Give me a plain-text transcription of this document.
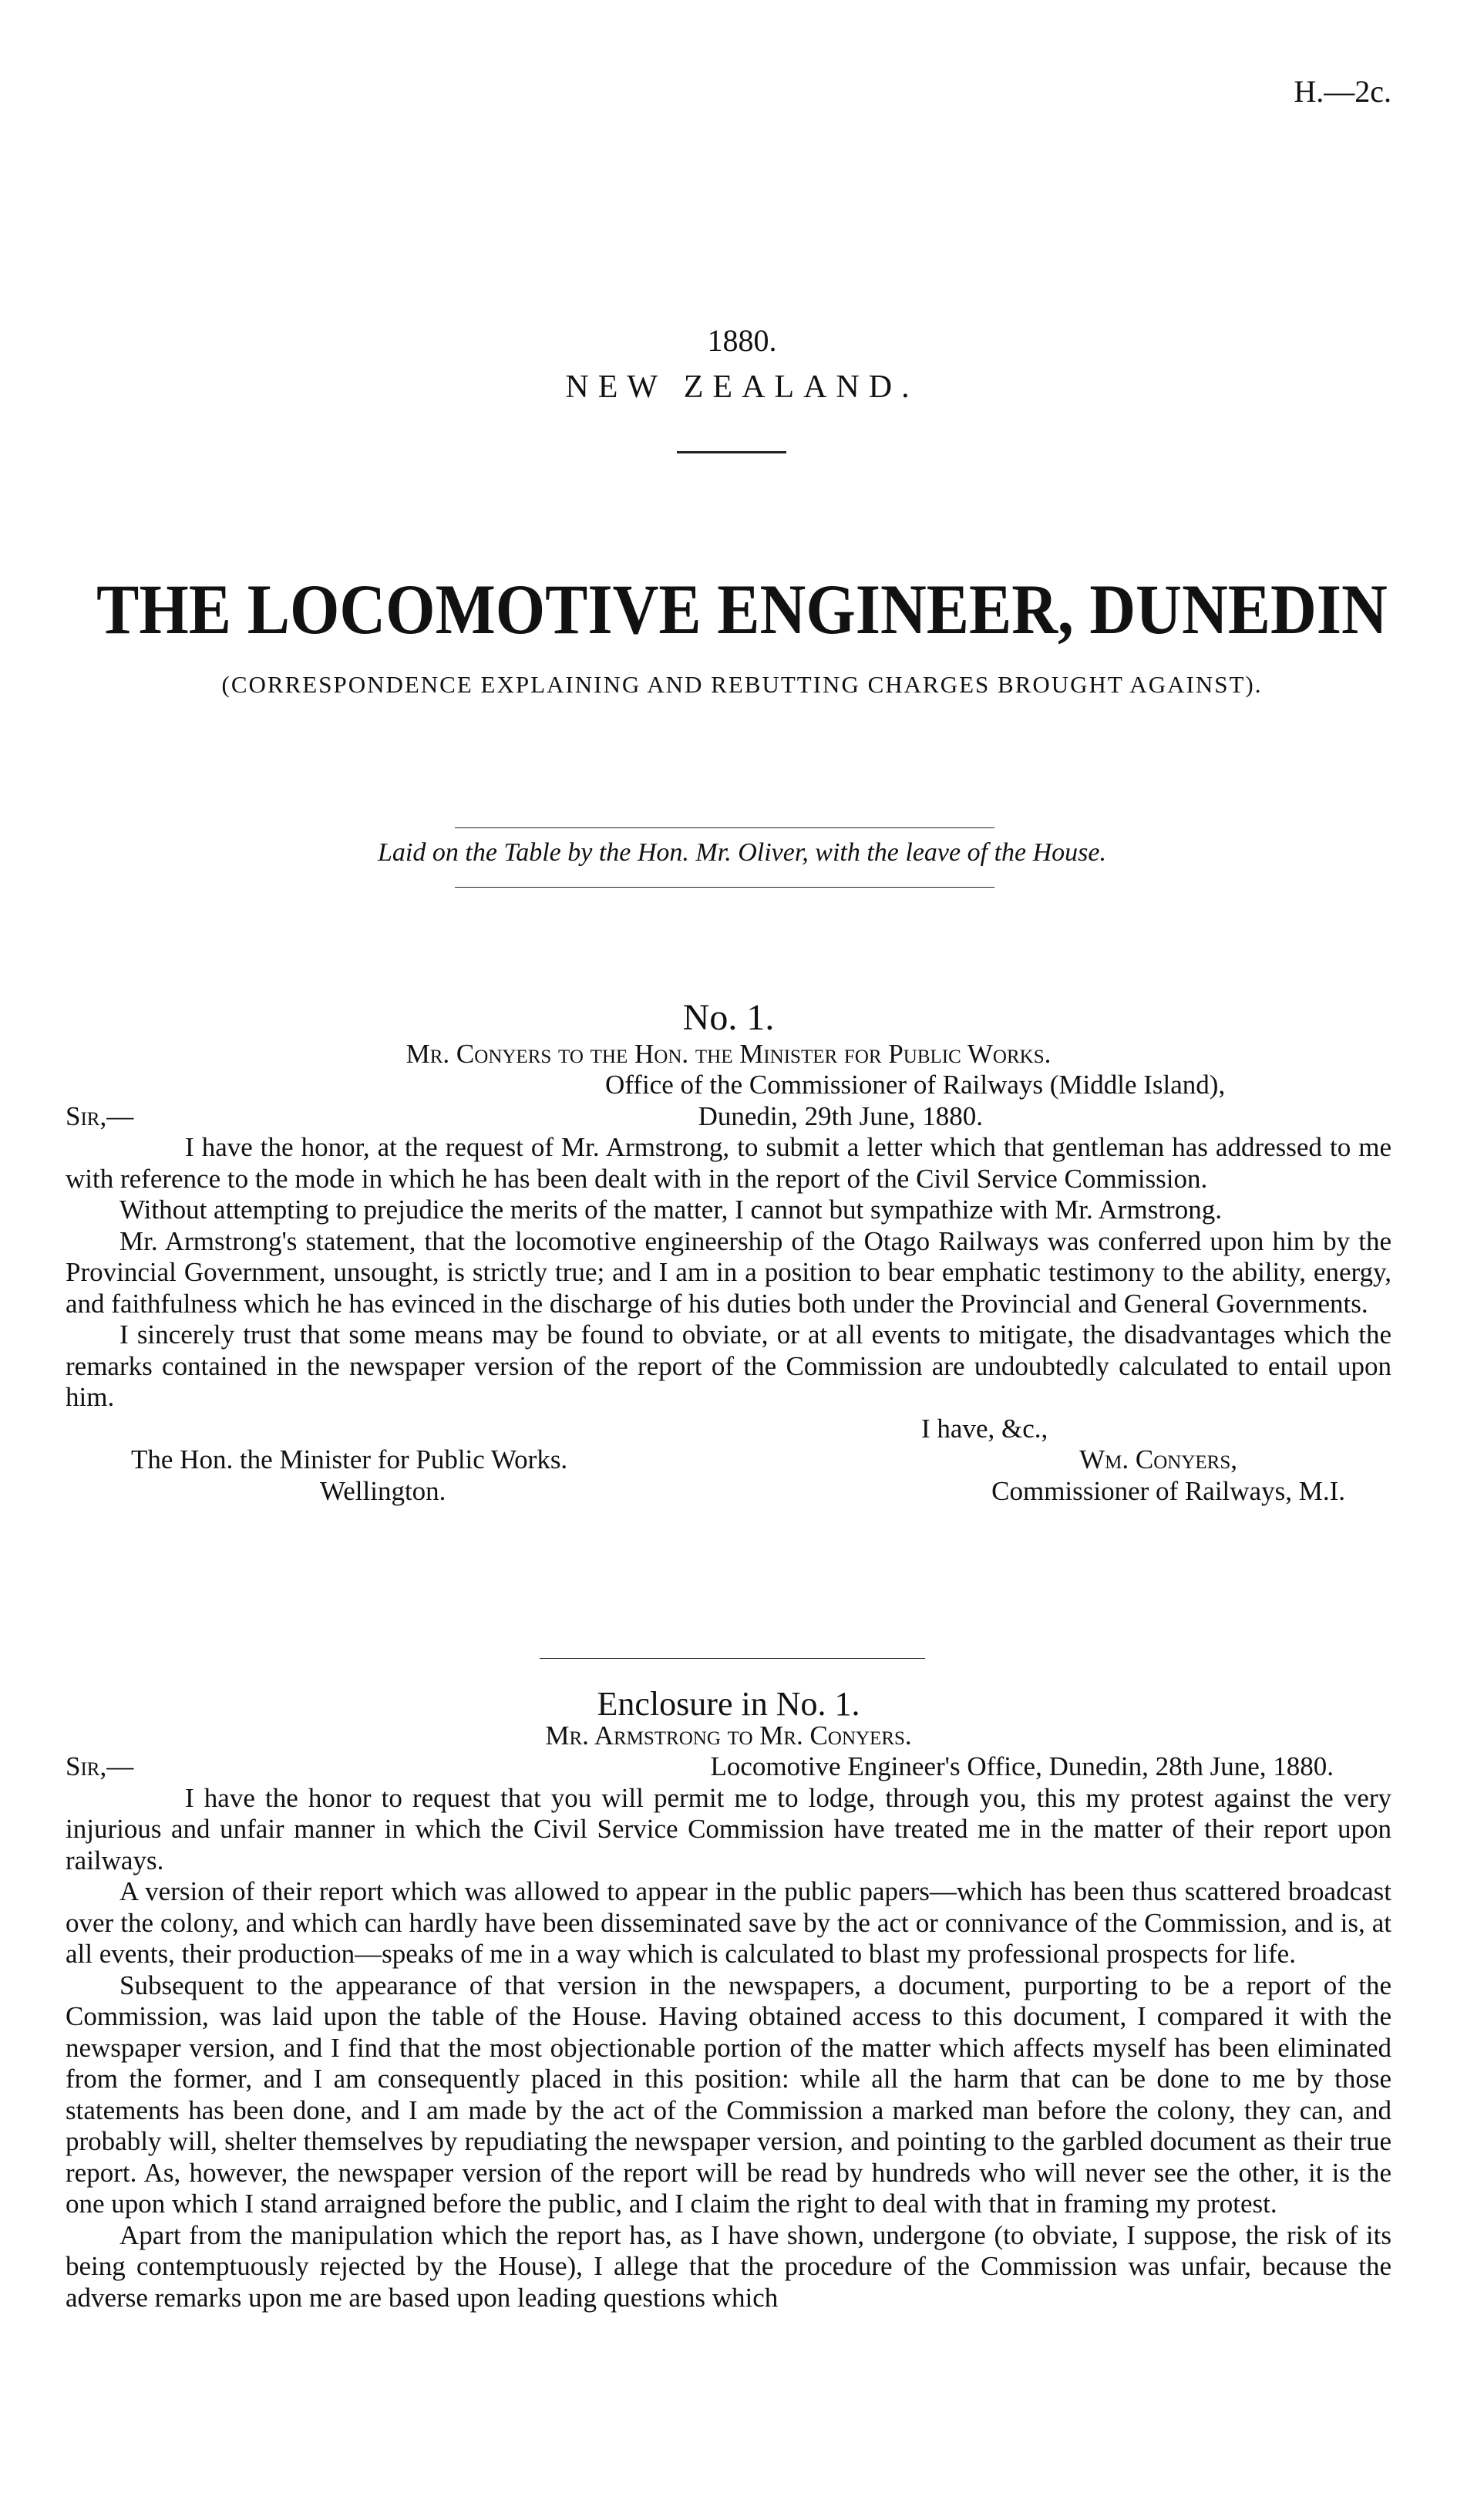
H.—2c.
1880.
NEW ZEALAND.
THE LOCOMOTIVE ENGINEER, DUNEDIN
(CORRESPONDENCE EXPLAINING AND REBUTTING CHARGES BROUGHT AGAINST).
Laid on the Table by the Hon. Mr. Oliver, with the leave of the House.
No. 1.
Mr. Conyers to the Hon. the Minister for Public Works.
Office of the Commissioner of Railways (Middle Island),
Sir,—	Dunedin, 29th June, 1880.

I have the honor, at the request of Mr. Armstrong, to submit a letter which that gentleman has addressed to me with reference to the mode in which he has been dealt with in the report of the Civil Service Commission.

Without attempting to prejudice the merits of the matter, I cannot but sympathize with Mr. Armstrong.

Mr. Armstrong's statement, that the locomotive engineership of the Otago Railways was conferred upon him by the Provincial Government, unsought, is strictly true; and I am in a position to bear emphatic testimony to the ability, energy, and faithfulness which he has evinced in the discharge of his duties both under the Provincial and General Governments.

I sincerely trust that some means may be found to obviate, or at all events to mitigate, the disadvantages which the remarks contained in the newspaper version of the report of the Commission are undoubtedly calculated to entail upon him.

I have, &c.,
The Hon. the Minister for Public Works.	Wm. Conyers,
Wellington.	Commissioner of Railways, M.I.
Enclosure in No. 1.
Mr. Armstrong to Mr. Conyers.
Sir,—	Locomotive Engineer's Office, Dunedin, 28th June, 1880.

I have the honor to request that you will permit me to lodge, through you, this my protest against the very injurious and unfair manner in which the Civil Service Commission have treated me in the matter of their report upon railways.

A version of their report which was allowed to appear in the public papers—which has been thus scattered broadcast over the colony, and which can hardly have been disseminated save by the act or connivance of the Commission, and is, at all events, their production—speaks of me in a way which is calculated to blast my professional prospects for life.

Subsequent to the appearance of that version in the newspapers, a document, purporting to be a report of the Commission, was laid upon the table of the House. Having obtained access to this document, I compared it with the newspaper version, and I find that the most objectionable portion of the matter which affects myself has been eliminated from the former, and I am consequently placed in this position: while all the harm that can be done to me by those statements has been done, and I am made by the act of the Commission a marked man before the colony, they can, and probably will, shelter themselves by repudiating the newspaper version, and pointing to the garbled document as their true report. As, however, the newspaper version of the report will be read by hundreds who will never see the other, it is the one upon which I stand arraigned before the public, and I claim the right to deal with that in framing my protest.

Apart from the manipulation which the report has, as I have shown, undergone (to obviate, I suppose, the risk of its being contemptuously rejected by the House), I allege that the procedure of the Commission was unfair, because the adverse remarks upon me are based upon leading questions which
